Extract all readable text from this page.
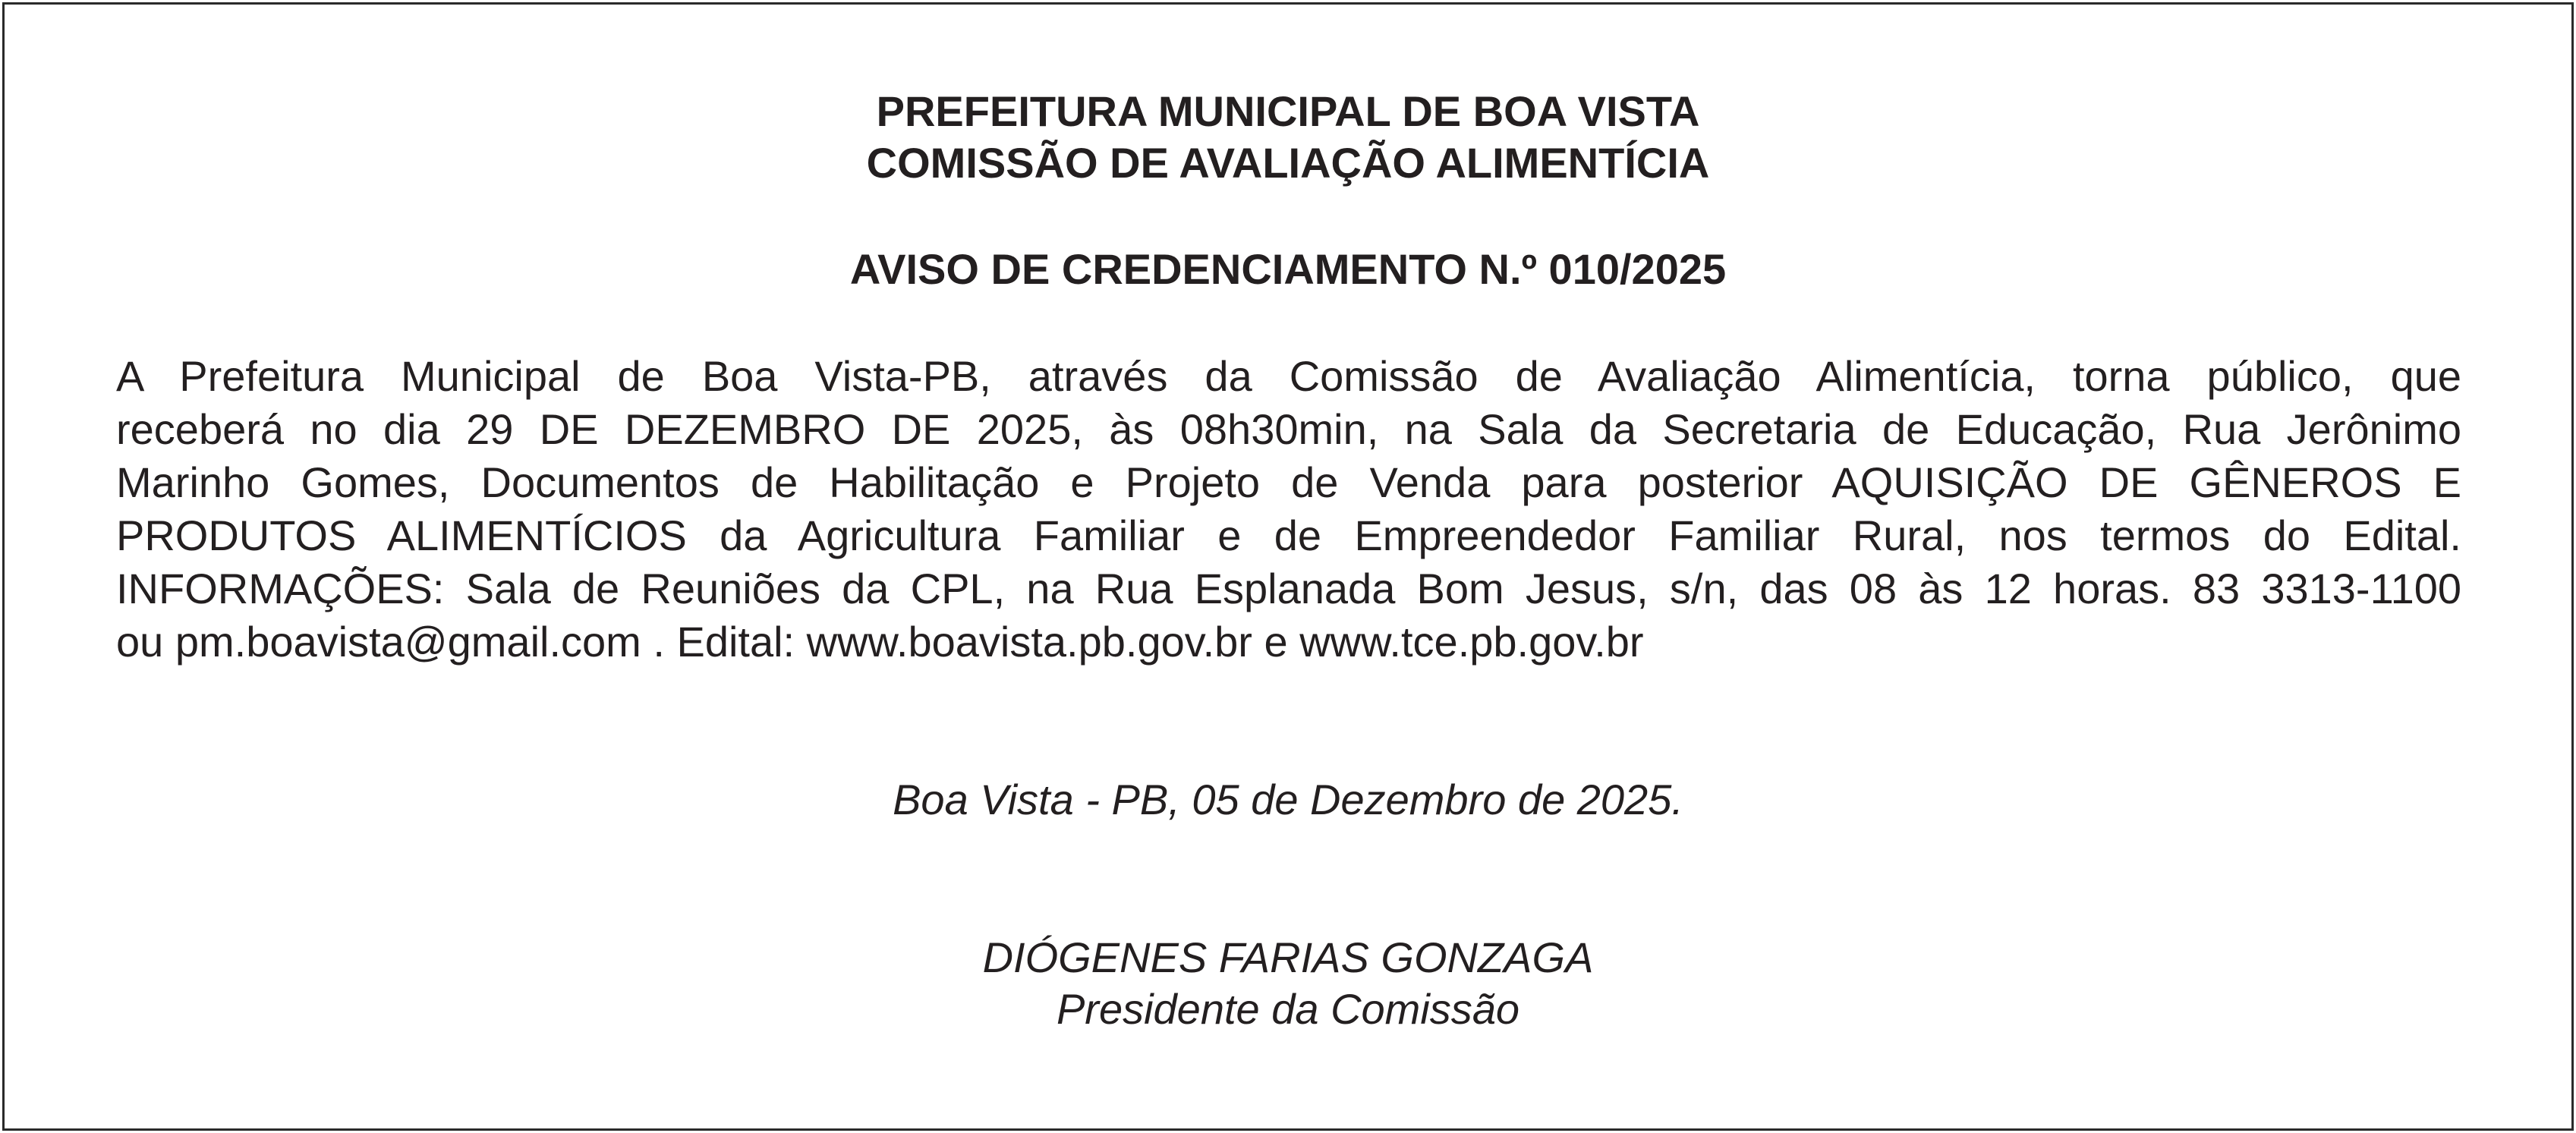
PREFEITURA MUNICIPAL DE BOA VISTA
COMISSÃO DE AVALIAÇÃO ALIMENTÍCIA
AVISO DE CREDENCIAMENTO N.º 010/2025
A Prefeitura Municipal de Boa Vista-PB, através da Comissão de Avaliação Alimentícia, torna público, que
receberá no dia 29 DE DEZEMBRO DE 2025, às 08h30min, na Sala da Secretaria de Educação, Rua Jerônimo
Marinho Gomes, Documentos de Habilitação e Projeto de Venda para posterior AQUISIÇÃO DE GÊNEROS E
PRODUTOS ALIMENTÍCIOS da Agricultura Familiar e de Empreendedor Familiar Rural, nos termos do Edital.
INFORMAÇÕES: Sala de Reuniões da CPL, na Rua Esplanada Bom Jesus, s/n, das 08 às 12 horas. 83 3313-1100
ou pm.boavista@gmail.com . Edital: www.boavista.pb.gov.br e www.tce.pb.gov.br
Boa Vista - PB, 05 de Dezembro de 2025.
DIÓGENES FARIAS GONZAGA
Presidente da Comissão
